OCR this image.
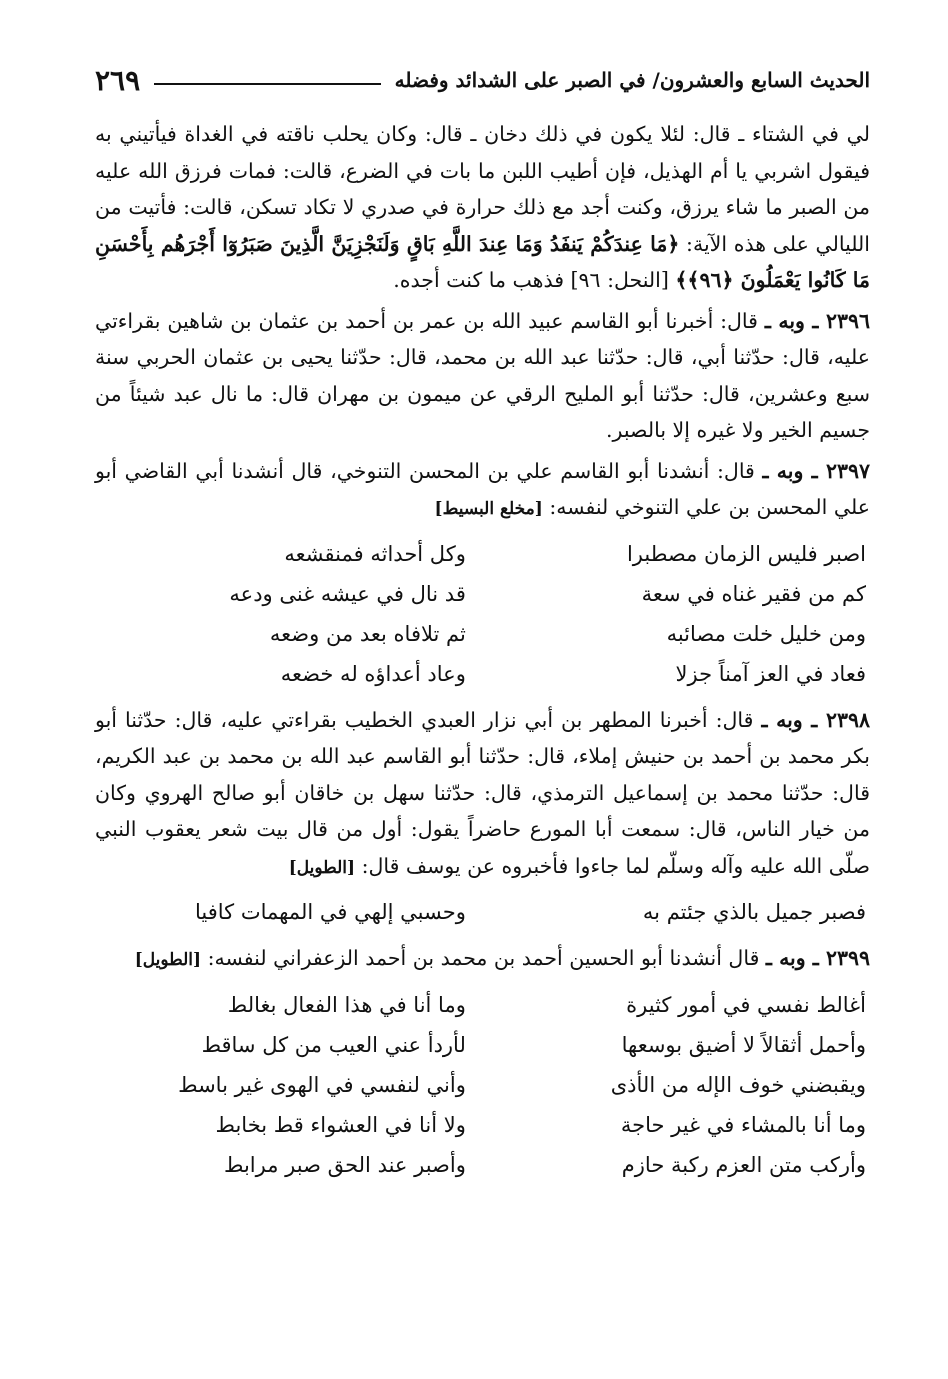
الحديث السابع والعشرون/ في الصبر على الشدائد وفضله
٢٦٩

لي في الشتاء ـ قال: لئلا يكون في ذلك دخان ـ قال: وكان يحلب ناقته في الغداة فيأتيني به فيقول اشربي يا أم الهذيل، فإن أطيب اللبن ما بات في الضرع، قالت: فمات فرزق الله عليه من الصبر ما شاء يرزق، وكنت أجد مع ذلك حرارة في صدري لا تكاد تسكن، قالت: فأتيت من الليالي على هذه الآية: ﴿مَا عِندَكُمْ يَنفَدُ وَمَا عِندَ اللَّهِ بَاقٍ وَلَنَجْزِيَنَّ الَّذِينَ صَبَرُوٓا أَجْرَهُم بِأَحْسَنِ مَا كَانُوا يَعْمَلُونَ ﴿٩٦﴾﴾ [النحل: ٩٦] فذهب ما كنت أجده.

٢٣٩٦ ـ وبه ـ قال: أخبرنا أبو القاسم عبيد الله بن عمر بن أحمد بن عثمان بن شاهين بقراءتي عليه، قال: حدّثنا أبي، قال: حدّثنا عبد الله بن محمد، قال: حدّثنا يحيى بن عثمان الحربي سنة سبع وعشرين، قال: حدّثنا أبو المليح الرقي عن ميمون بن مهران قال: ما نال عبد شيئاً من جسيم الخير ولا غيره إلا بالصبر.

٢٣٩٧ ـ وبه ـ قال: أنشدنا أبو القاسم علي بن المحسن التنوخي، قال أنشدنا أبي القاضي أبو علي المحسن بن علي التنوخي لنفسه: [مخلع البسيط]

اصبر فليس الزمان مصطبرا
وكل أحداثه فمنقشعه
كم من فقير غناه في سعة
قد نال في عيشه غنى ودعه
ومن خليل خلت مصائبه
ثم تلافاه بعد من وضعه
فعاد في العز آمناً جزلا
وعاد أعداؤه له خضعه

٢٣٩٨ ـ وبه ـ قال: أخبرنا المطهر بن أبي نزار العبدي الخطيب بقراءتي عليه، قال: حدّثنا أبو بكر محمد بن أحمد بن حنيش إملاء، قال: حدّثنا أبو القاسم عبد الله بن محمد بن عبد الكريم، قال: حدّثنا محمد بن إسماعيل الترمذي، قال: حدّثنا سهل بن خاقان أبو صالح الهروي وكان من خيار الناس، قال: سمعت أبا المورع حاضراً يقول: أول من قال بيت شعر يعقوب النبي صلّى الله عليه وآله وسلّم لما جاءوا فأخبروه عن يوسف قال: [الطويل]

فصبر جميل بالذي جئتم به
وحسبي إلهي في المهمات كافيا

٢٣٩٩ ـ وبه ـ قال أنشدنا أبو الحسين أحمد بن محمد بن أحمد الزعفراني لنفسه: [الطويل]

أغالط نفسي في أمور كثيرة
وما أنا في هذا الفعال بغالط
وأحمل أثقالاً لا أضيق بوسعها
لأردأ عني العيب من كل ساقط
ويقبضني خوف الإله من الأذى
وأني لنفسي في الهوى غير باسط
وما أنا بالمشاء في غير حاجة
ولا أنا في العشواء قط بخابط
وأركب متن العزم ركبة حازم
وأصبر عند الحق صبر مرابط
